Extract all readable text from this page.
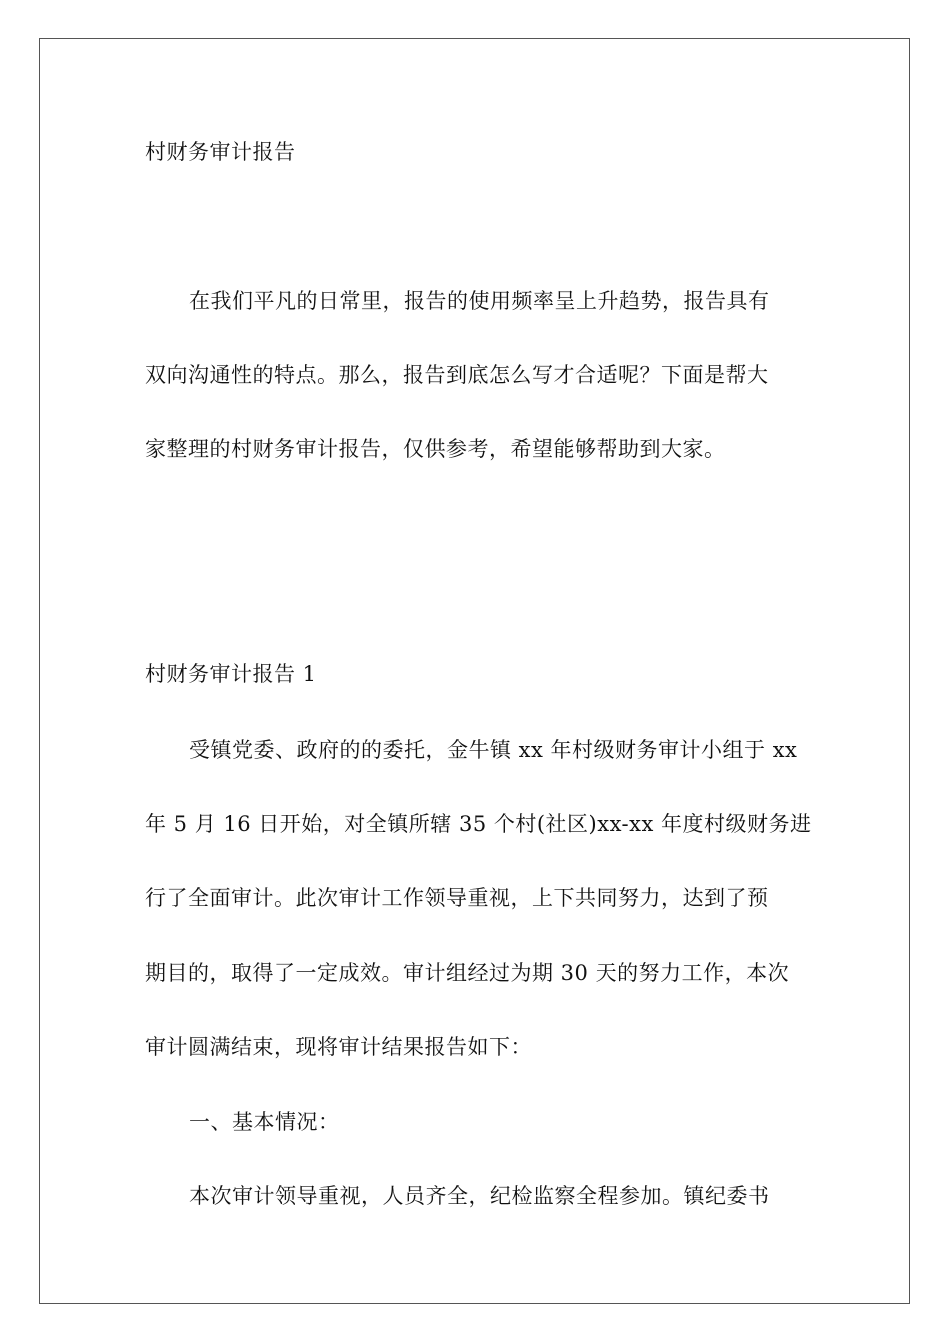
村财务审计报告
在我们平凡的日常里，报告的使用频率呈上升趋势，报告具有
双向沟通性的特点。那么，报告到底怎么写才合适呢？下面是帮大
家整理的村财务审计报告，仅供参考，希望能够帮助到大家。
村财务审计报告 1
受镇党委、政府的的委托，金牛镇 xx 年村级财务审计小组于 xx
年 5 月 16 日开始，对全镇所辖 35 个村(社区)xx-xx 年度村级财务进
行了全面审计。此次审计工作领导重视，上下共同努力，达到了预
期目的，取得了一定成效。审计组经过为期 30 天的努力工作，本次
审计圆满结束，现将审计结果报告如下：
一、基本情况：
本次审计领导重视，人员齐全，纪检监察全程参加。镇纪委书
